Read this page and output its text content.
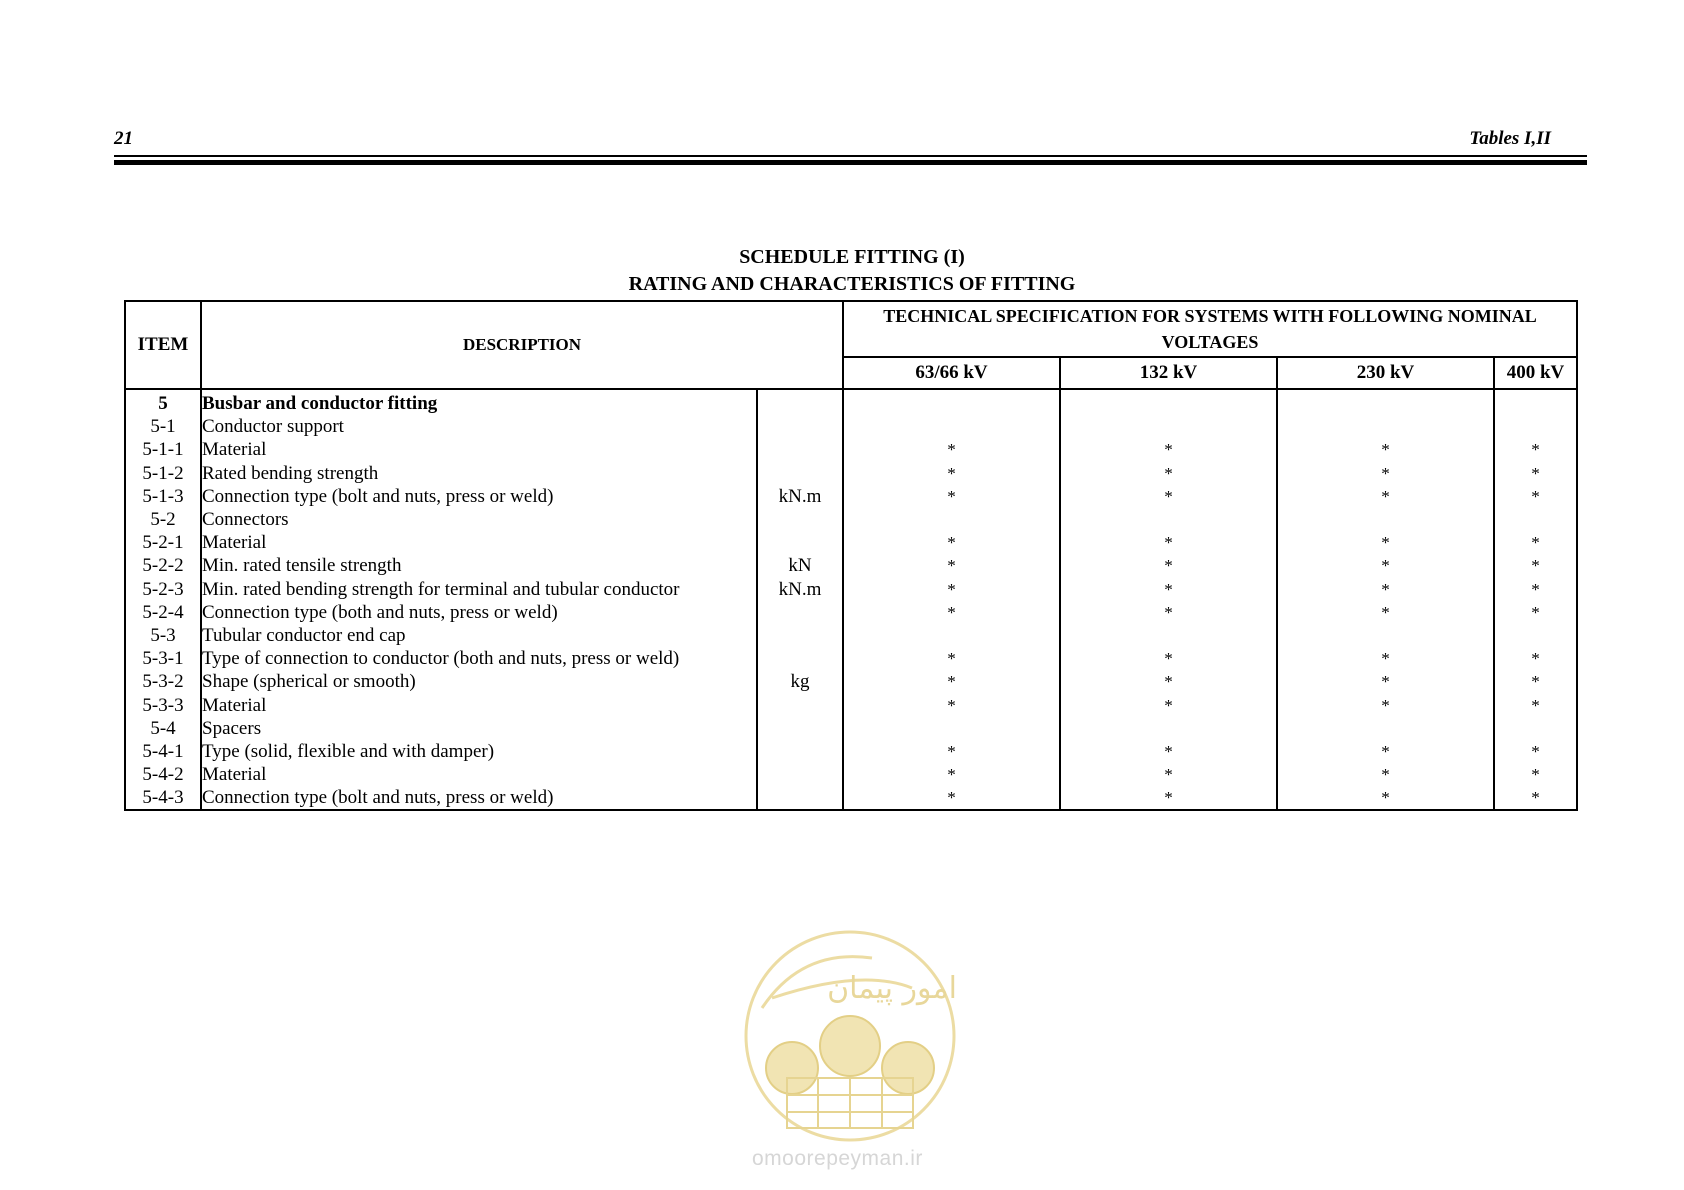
21	Tables I,II
SCHEDULE FITTING (I)
RATING AND CHARACTERISTICS OF FITTING
ITEM	DESCRIPTION		TECHNICAL SPECIFICATION FOR SYSTEMS WITH FOLLOWING NOMINAL VOLTAGES			
			63/66 kV	132 kV	230 kV	400 kV
5	Busbar and conductor fitting					
5-1	Conductor support					
5-1-1	Material		*	*	*	*
5-1-2	Rated bending strength		*	*	*	*
5-1-3	Connection type (bolt and nuts, press or weld)	kN.m	*	*	*	*
5-2	Connectors					
5-2-1	Material		*	*	*	*
5-2-2	Min. rated tensile strength	kN	*	*	*	*
5-2-3	Min. rated bending strength for terminal and tubular conductor	kN.m	*	*	*	*
5-2-4	Connection type (both and nuts, press or weld)		*	*	*	*
5-3	Tubular conductor end cap					
5-3-1	Type of connection to conductor (both and nuts, press or weld)		*	*	*	*
5-3-2	Shape (spherical or smooth)	kg	*	*	*	*
5-3-3	Material		*	*	*	*
5-4	Spacers					
5-4-1	Type (solid, flexible and with damper)		*	*	*	*
5-4-2	Material		*	*	*	*
5-4-3	Connection type (bolt and nuts, press or weld)		*	*	*	*
امور پیمان
omoorepeyman.ir
